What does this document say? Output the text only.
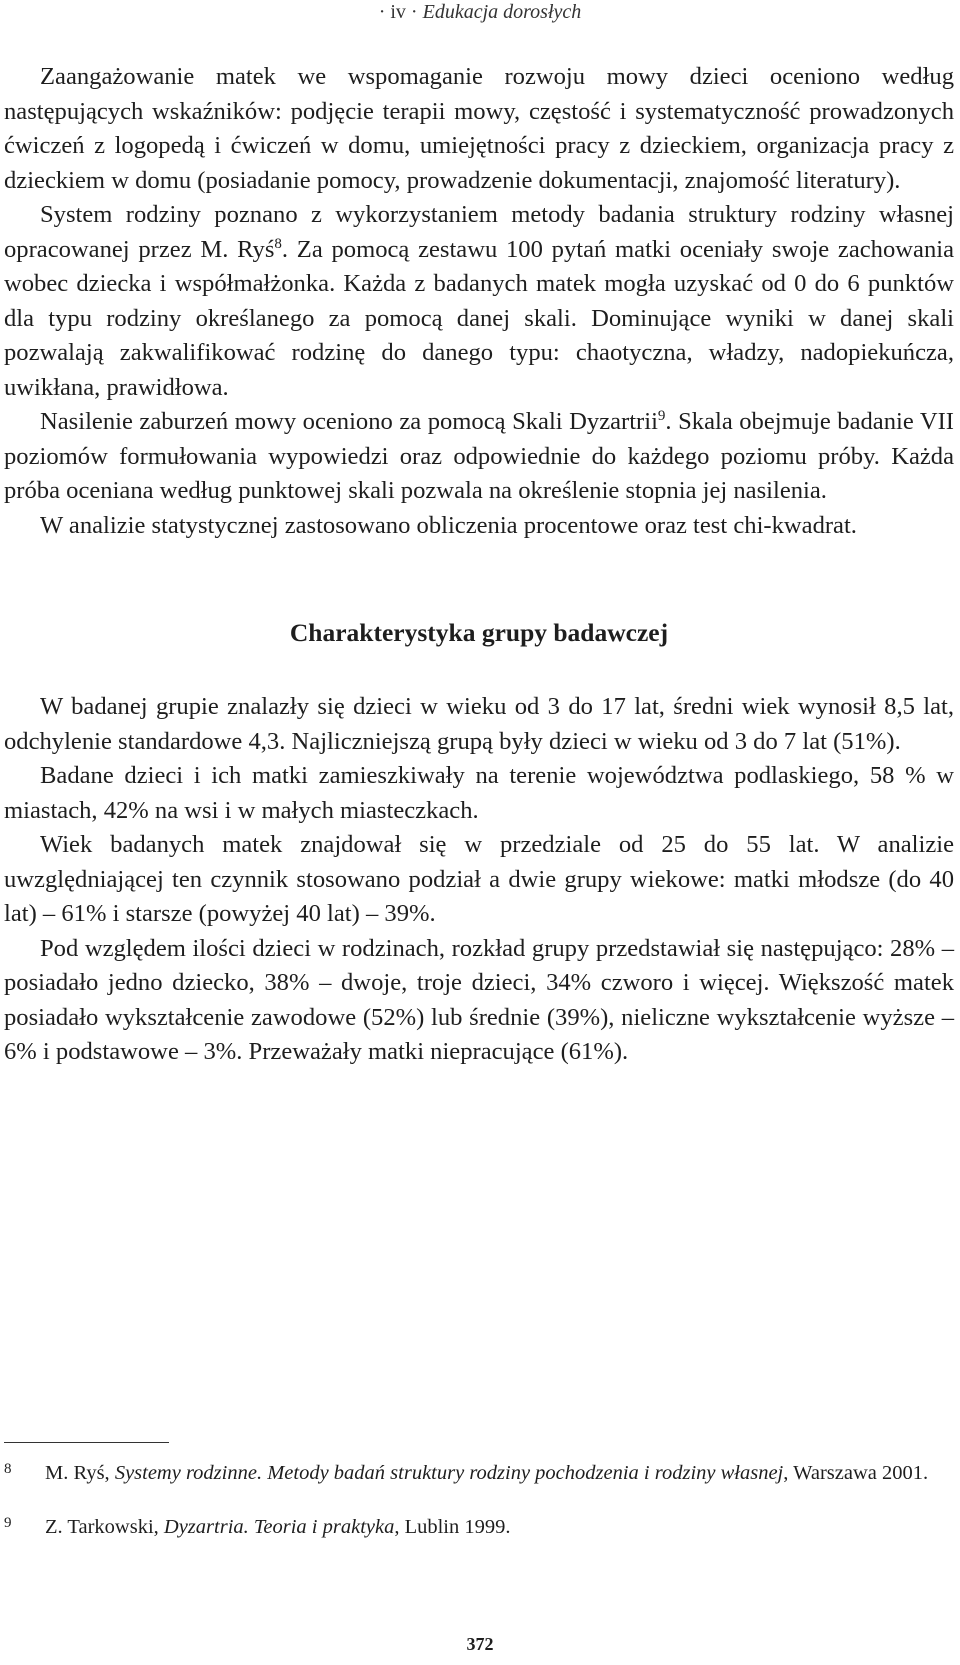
· iv · Edukacja dorosłych

Zaangażowanie matek we wspomaganie rozwoju mowy dzieci oceniono według następujących wskaźników: podjęcie terapii mowy, częstość i systematyczność prowadzonych ćwiczeń z logopedą i ćwiczeń w domu, umiejętności pracy z dzieckiem, organizacja pracy z dzieckiem w domu (posiadanie pomocy, prowadzenie dokumentacji, znajomość literatury).

System rodziny poznano z wykorzystaniem metody badania struktury rodziny własnej opracowanej przez M. Ryś$^8$. Za pomocą zestawu 100 pytań matki oceniały swoje zachowania wobec dziecka i współmałżonka. Każda z badanych matek mogła uzyskać od 0 do 6 punktów dla typu rodziny określanego za pomocą danej skali. Dominujące wyniki w danej skali pozwalają zakwalifikować rodzinę do danego typu: chaotyczna, władzy, nadopiekuńcza, uwikłana, prawidłowa.

Nasilenie zaburzeń mowy oceniono za pomocą Skali Dyzartrii$^9$. Skala obejmuje badanie VII poziomów formułowania wypowiedzi oraz odpowiednie do każdego poziomu próby. Każda próba oceniana według punktowej skali pozwala na określenie stopnia jej nasilenia.

W analizie statystycznej zastosowano obliczenia procentowe oraz test chi-kwadrat.

Charakterystyka grupy badawczej

W badanej grupie znalazły się dzieci w wieku od 3 do 17 lat, średni wiek wynosił 8,5 lat, odchylenie standardowe 4,3. Najliczniejszą grupą były dzieci w wieku od 3 do 7 lat (51%).

Badane dzieci i ich matki zamieszkiwały na terenie województwa podlaskiego, 58 % w miastach, 42% na wsi i w małych miasteczkach.

Wiek badanych matek znajdował się w przedziale od 25 do 55 lat. W analizie uwzględniającej ten czynnik stosowano podział a dwie grupy wiekowe: matki młodsze (do 40 lat) – 61% i starsze (powyżej 40 lat) – 39%.

Pod względem ilości dzieci w rodzinach, rozkład grupy przedstawiał się następująco: 28% – posiadało jedno dziecko, 38% – dwoje, troje dzieci, 34% czworo i więcej. Większość matek posiadało wykształcenie zawodowe (52%) lub średnie (39%), nieliczne wykształcenie wyższe – 6% i podstawowe – 3%. Przeważały matki niepracujące (61%).

8 M. Ryś, Systemy rodzinne. Metody badań struktury rodziny pochodzenia i rodziny własnej, Warszawa 2001.
9 Z. Tarkowski, Dyzartria. Teoria i praktyka, Lublin 1999.
372
